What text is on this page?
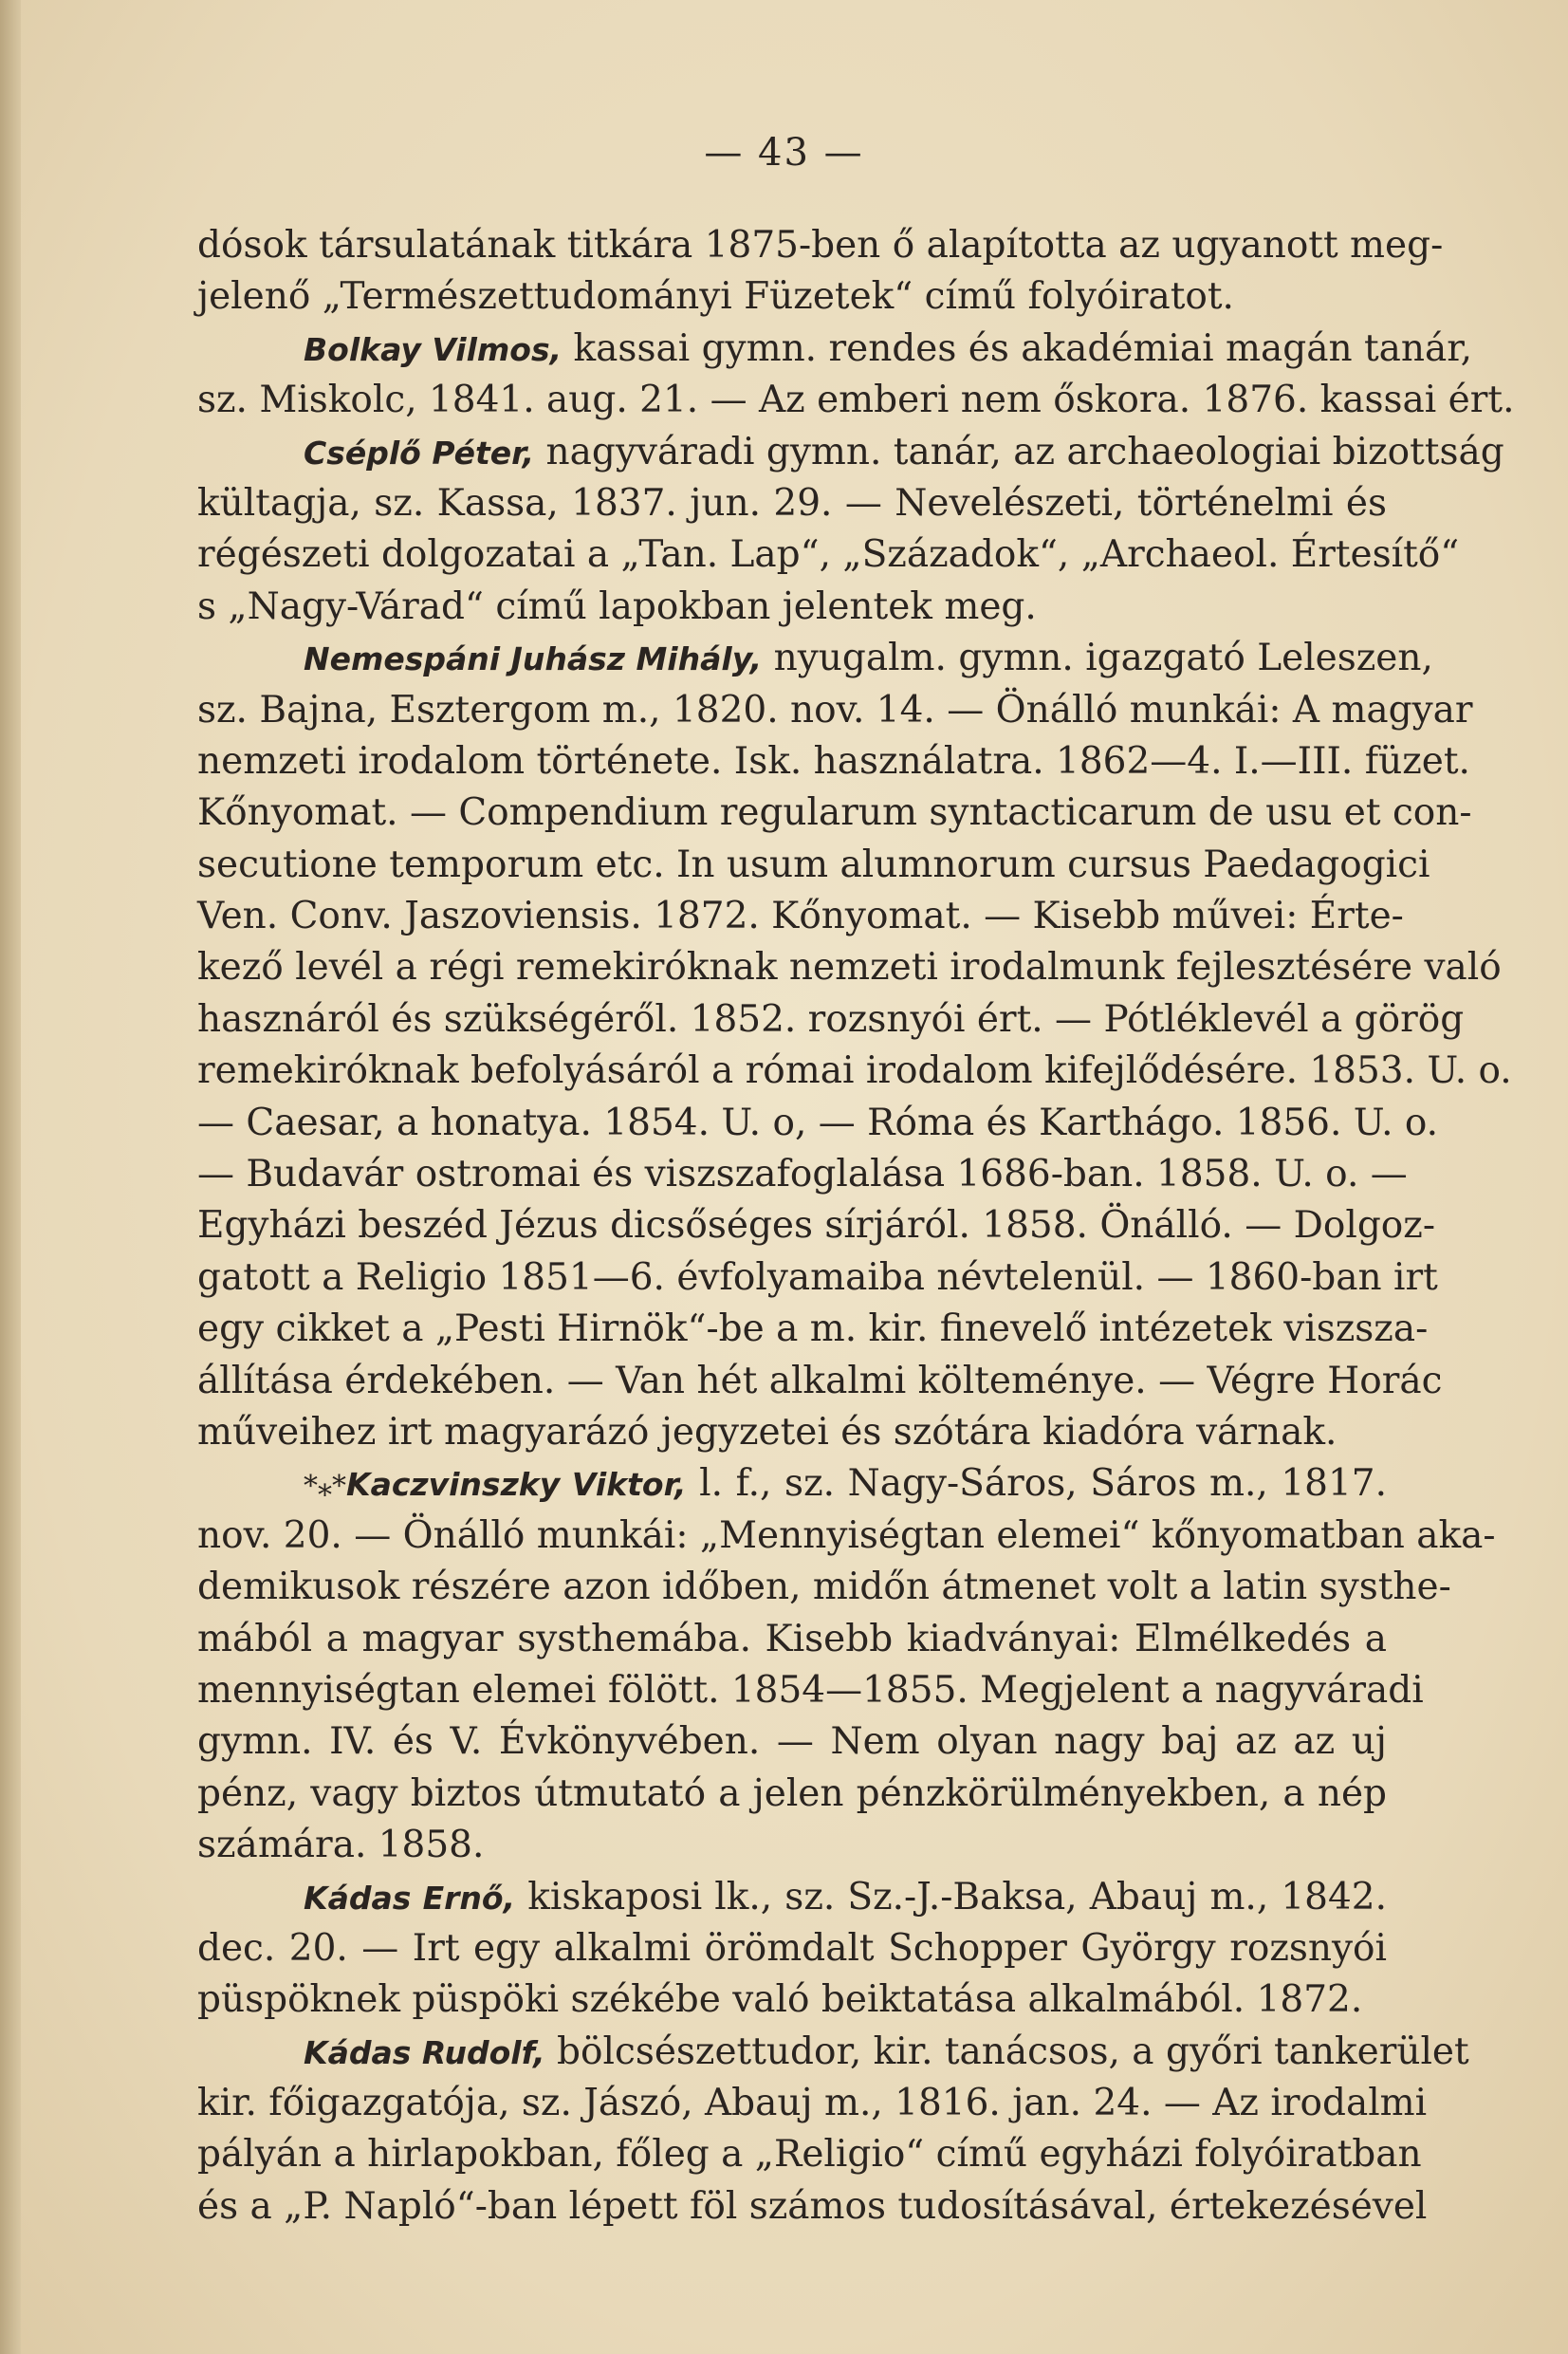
— 43 —
dósok társulatának titkára 1875-ben ő alapította az ugyanott meg-
jelenő „Természettudományi Füzetek“ című folyóiratot.
Bolkay Vilmos, kassai gymn. rendes és akadémiai magán tanár,
sz. Miskolc, 1841. aug. 21. — Az emberi nem őskora. 1876. kassai ért.
Cséplő Péter, nagyváradi gymn. tanár, az archaeologiai bizottság
kültagja, sz. Kassa, 1837. jun. 29. — Nevelészeti, történelmi és
régészeti dolgozatai a „Tan. Lap“, „Századok“, „Archaeol. Értesítő“
s „Nagy-Várad“ című lapokban jelentek meg.
Nemespáni Juhász Mihály, nyugalm. gymn. igazgató Leleszen,
sz. Bajna, Esztergom m., 1820. nov. 14. — Önálló munkái: A magyar
nemzeti irodalom története. Isk. használatra. 1862—4. I.—III. füzet.
Kőnyomat. — Compendium regularum syntacticarum de usu et con-
secutione temporum etc. In usum alumnorum cursus Paedagogici
Ven. Conv. Jaszoviensis. 1872. Kőnyomat. — Kisebb művei: Érte-
kező levél a régi remekiróknak nemzeti irodalmunk fejlesztésére való
hasznáról és szükségéről. 1852. rozsnyói ért. — Pótléklevél a görög
remekiróknak befolyásáról a római irodalom kifejlődésére. 1853. U. o.
— Caesar, a honatya. 1854. U. o, — Róma és Karthágo. 1856. U. o.
— Budavár ostromai és viszszafoglalása 1686-ban. 1858. U. o. —
Egyházi beszéd Jézus dicsőséges sírjáról. 1858. Önálló. — Dolgoz-
gatott a Religio 1851—6. évfolyamaiba névtelenül. — 1860-ban irt
egy cikket a „Pesti Hirnök“-be a m. kir. finevelő intézetek viszsza-
állítása érdekében. — Van hét alkalmi költeménye. — Végre Horác
műveihez irt magyarázó jegyzetei és szótára kiadóra várnak.
*⁎*Kaczvinszky Viktor, l. f., sz. Nagy-Sáros, Sáros m., 1817.
nov. 20. — Önálló munkái: „Mennyiségtan elemei“ kőnyomatban aka-
demikusok részére azon időben, midőn átmenet volt a latin systhe-
mából a magyar systhemába. Kisebb kiadványai: Elmélkedés a
mennyiségtan elemei fölött. 1854—1855. Megjelent a nagyváradi
gymn. IV. és V. Évkönyvében. — Nem olyan nagy baj az az uj
pénz, vagy biztos útmutató a jelen pénzkörülményekben, a nép
számára. 1858.
Kádas Ernő, kiskaposi lk., sz. Sz.-J.-Baksa, Abauj m., 1842.
dec. 20. — Irt egy alkalmi örömdalt Schopper György rozsnyói
püspöknek püspöki székébe való beiktatása alkalmából. 1872.
Kádas Rudolf, bölcsészettudor, kir. tanácsos, a győri tankerület
kir. főigazgatója, sz. Jászó, Abauj m., 1816. jan. 24. — Az irodalmi
pályán a hirlapokban, főleg a „Religio“ című egyházi folyóiratban
és a „P. Napló“-ban lépett föl számos tudosításával, értekezésével
